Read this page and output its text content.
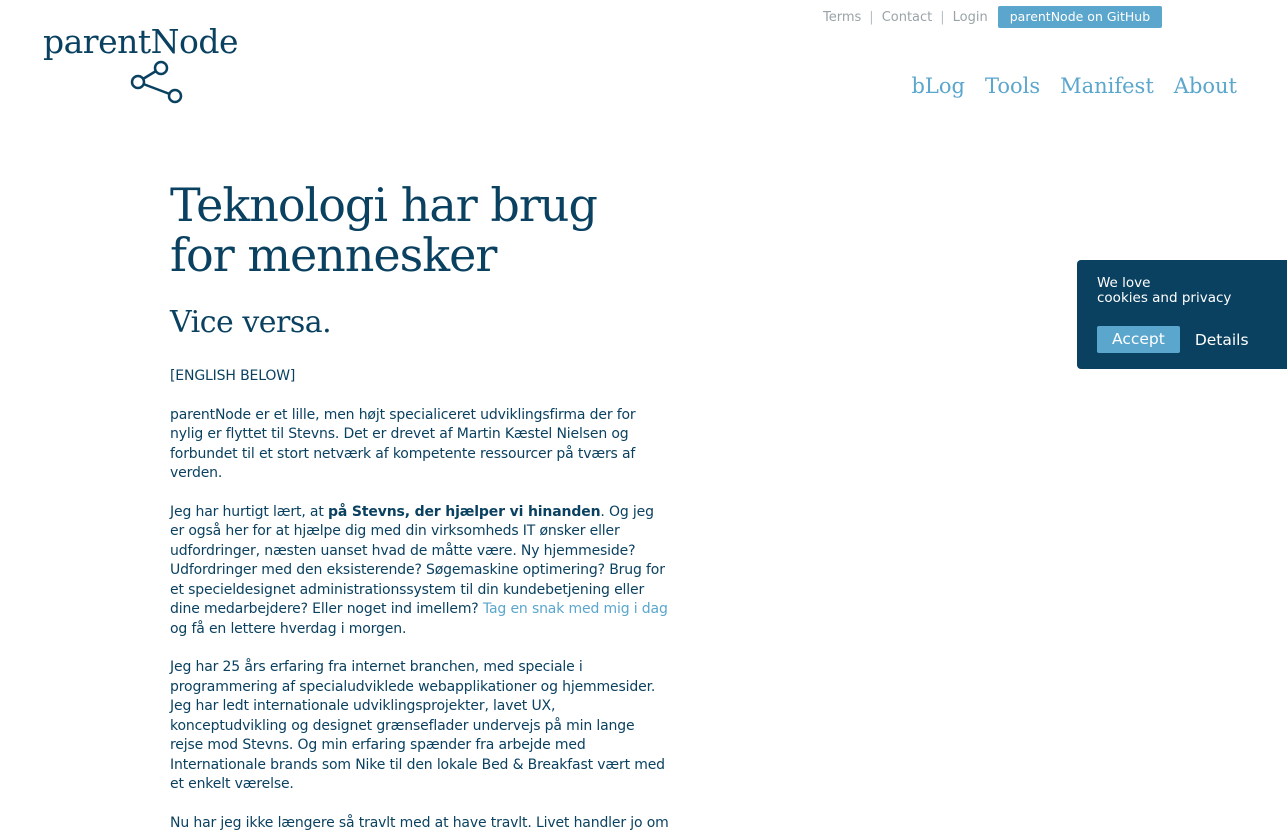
parentNode
Terms | Contact | Login	parentNode on GitHub
bLog Tools Manifest About
Teknologi har brug for mennesker
Vice versa.

[ENGLISH BELOW]

parentNode er et lille, men højt specialiceret udviklingsfirma der for nylig er flyttet til Stevns. Det er drevet af Martin Kæstel Nielsen og forbundet til et stort netværk af kompetente ressourcer på tværs af verden.

Jeg har hurtigt lært, at på Stevns, der hjælper vi hinanden. Og jeg er også her for at hjælpe dig med din virksomheds IT ønsker eller udfordringer, næsten uanset hvad de måtte være. Ny hjemmeside? Udfordringer med den eksisterende? Søgemaskine optimering? Brug for et specieldesignet administrationssystem til din kundebetjening eller dine medarbejdere? Eller noget ind imellem? Tag en snak med mig i dag og få en lettere hverdag i morgen.

Jeg har 25 års erfaring fra internet branchen, med speciale i programmering af specialudviklede webapplikationer og hjemmesider. Jeg har ledt internationale udviklingsprojekter, lavet UX, konceptudvikling og designet grænseflader undervejs på min lange rejse mod Stevns. Og min erfaring spænder fra arbejde med Internationale brands som Nike til den lokale Bed & Breakfast vært med et enkelt værelse.

Nu har jeg ikke længere så travlt med at have travlt. Livet handler jo om

We love
cookies and privacy
Accept	Details
